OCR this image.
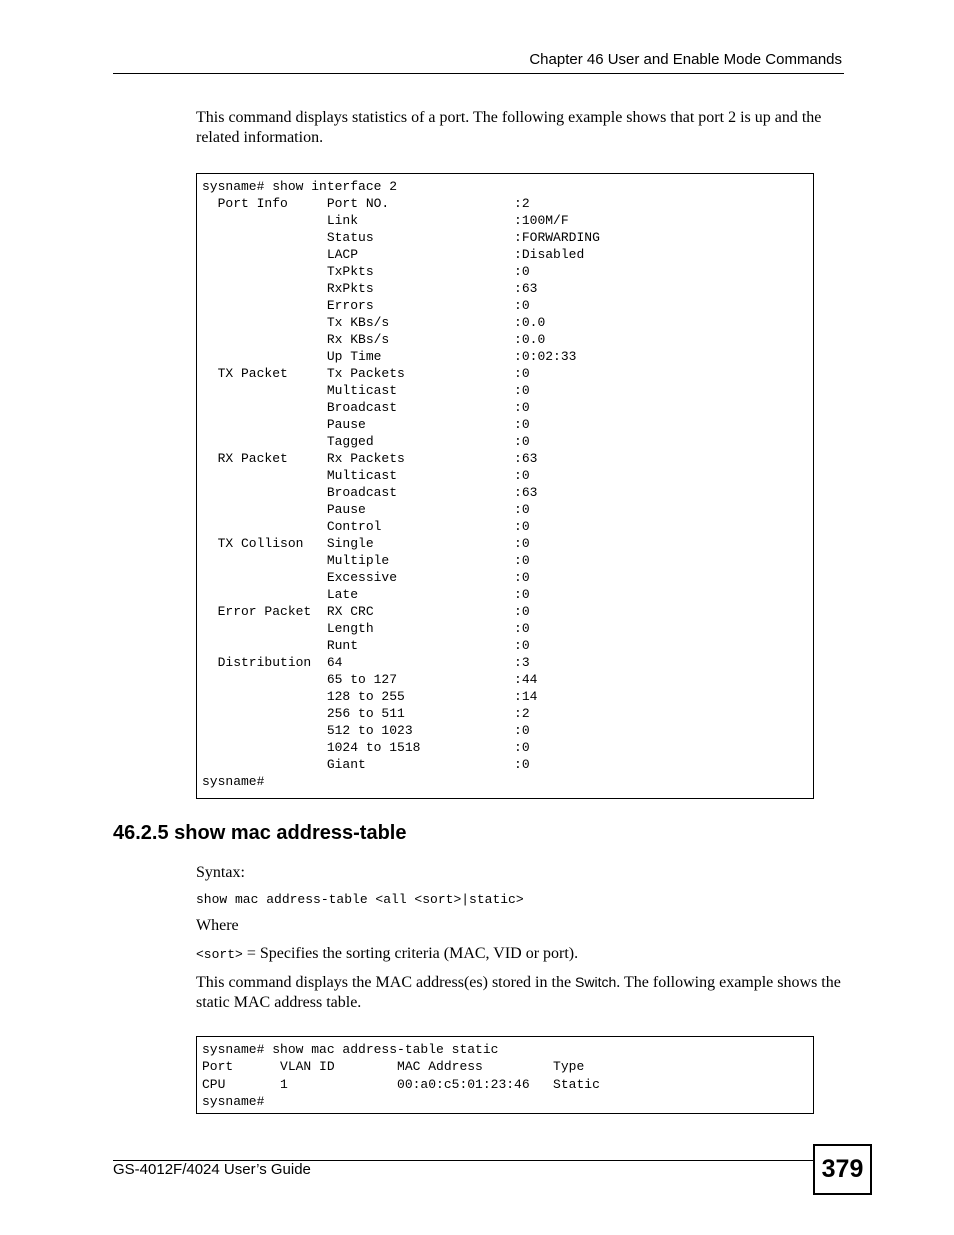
Chapter 46 User and Enable Mode Commands
This command displays statistics of a port. The following example shows that port 2 is up and the related information.
sysname# show interface 2
Port Info     Port NO.                :2
Link                    :100M/F
Status                  :FORWARDING
LACP                    :Disabled
TxPkts                  :0
RxPkts                  :63
Errors                  :0
Tx KBs/s                :0.0
Rx KBs/s                :0.0
Up Time                 :0:02:33
TX Packet     Tx Packets              :0
Multicast               :0
Broadcast               :0
Pause                   :0
Tagged                  :0
RX Packet     Rx Packets              :63
Multicast               :0
Broadcast               :63
Pause                   :0
Control                 :0
TX Collison   Single                  :0
Multiple                :0
Excessive               :0
Late                    :0
Error Packet  RX CRC                  :0
Length                  :0
Runt                    :0
Distribution  64                      :3
65 to 127               :44
128 to 255              :14
256 to 511              :2
512 to 1023             :0
1024 to 1518            :0
Giant                   :0
sysname#
46.2.5 show mac address-table
Syntax:
show mac address-table <all <sort>|static>
Where
<sort> = Specifies the sorting criteria (MAC, VID or port).
This command displays the MAC address(es) stored in the Switch. The following example shows the static MAC address table.
sysname# show mac address-table static
Port      VLAN ID        MAC Address         Type
CPU       1              00:a0:c5:01:23:46   Static
sysname#
GS-4012F/4024 User’s Guide	379
